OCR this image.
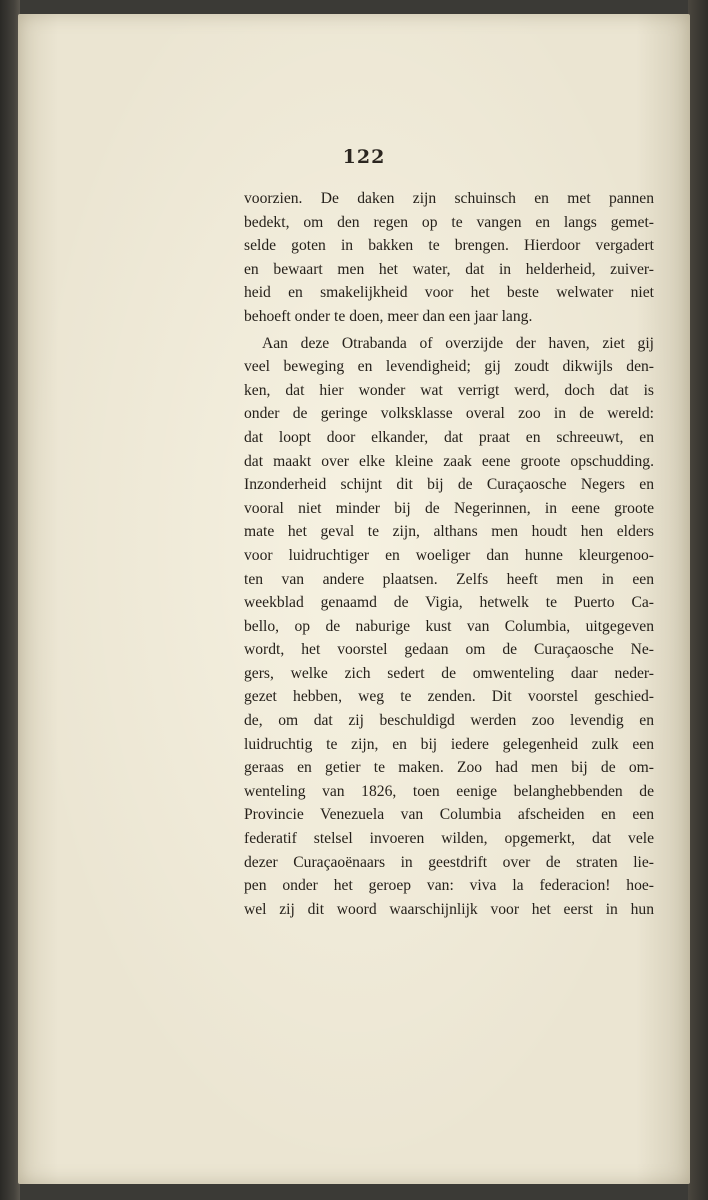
122
voorzien. De daken zijn schuinsch en met pannen
bedekt, om den regen op te vangen en langs gemet-
selde goten in bakken te brengen. Hierdoor vergadert
en bewaart men het water, dat in helderheid, zuiver-
heid en smakelijkheid voor het beste welwater niet
behoeft onder te doen, meer dan een jaar lang.
Aan deze Otrabanda of overzijde der haven, ziet gij
veel beweging en levendigheid; gij zoudt dikwijls den-
ken, dat hier wonder wat verrigt werd, doch dat is
onder de geringe volksklasse overal zoo in de wereld:
dat loopt door elkander, dat praat en schreeuwt, en
dat maakt over elke kleine zaak eene groote opschudding.
Inzonderheid schijnt dit bij de Curaçaosche Negers en
vooral niet minder bij de Negerinnen, in eene groote
mate het geval te zijn, althans men houdt hen elders
voor luidruchtiger en woeliger dan hunne kleurgenoo-
ten van andere plaatsen. Zelfs heeft men in een
weekblad genaamd de Vigia, hetwelk te Puerto Ca-
bello, op de naburige kust van Columbia, uitgegeven
wordt, het voorstel gedaan om de Curaçaosche Ne-
gers, welke zich sedert de omwenteling daar neder-
gezet hebben, weg te zenden. Dit voorstel geschied-
de, om dat zij beschuldigd werden zoo levendig en
luidruchtig te zijn, en bij iedere gelegenheid zulk een
geraas en getier te maken. Zoo had men bij de om-
wenteling van 1826, toen eenige belanghebbenden de
Provincie Venezuela van Columbia afscheiden en een
federatif stelsel invoeren wilden, opgemerkt, dat vele
dezer Curaçaoënaars in geestdrift over de straten lie-
pen onder het geroep van: viva la federacion! hoe-
wel zij dit woord waarschijnlijk voor het eerst in hun
